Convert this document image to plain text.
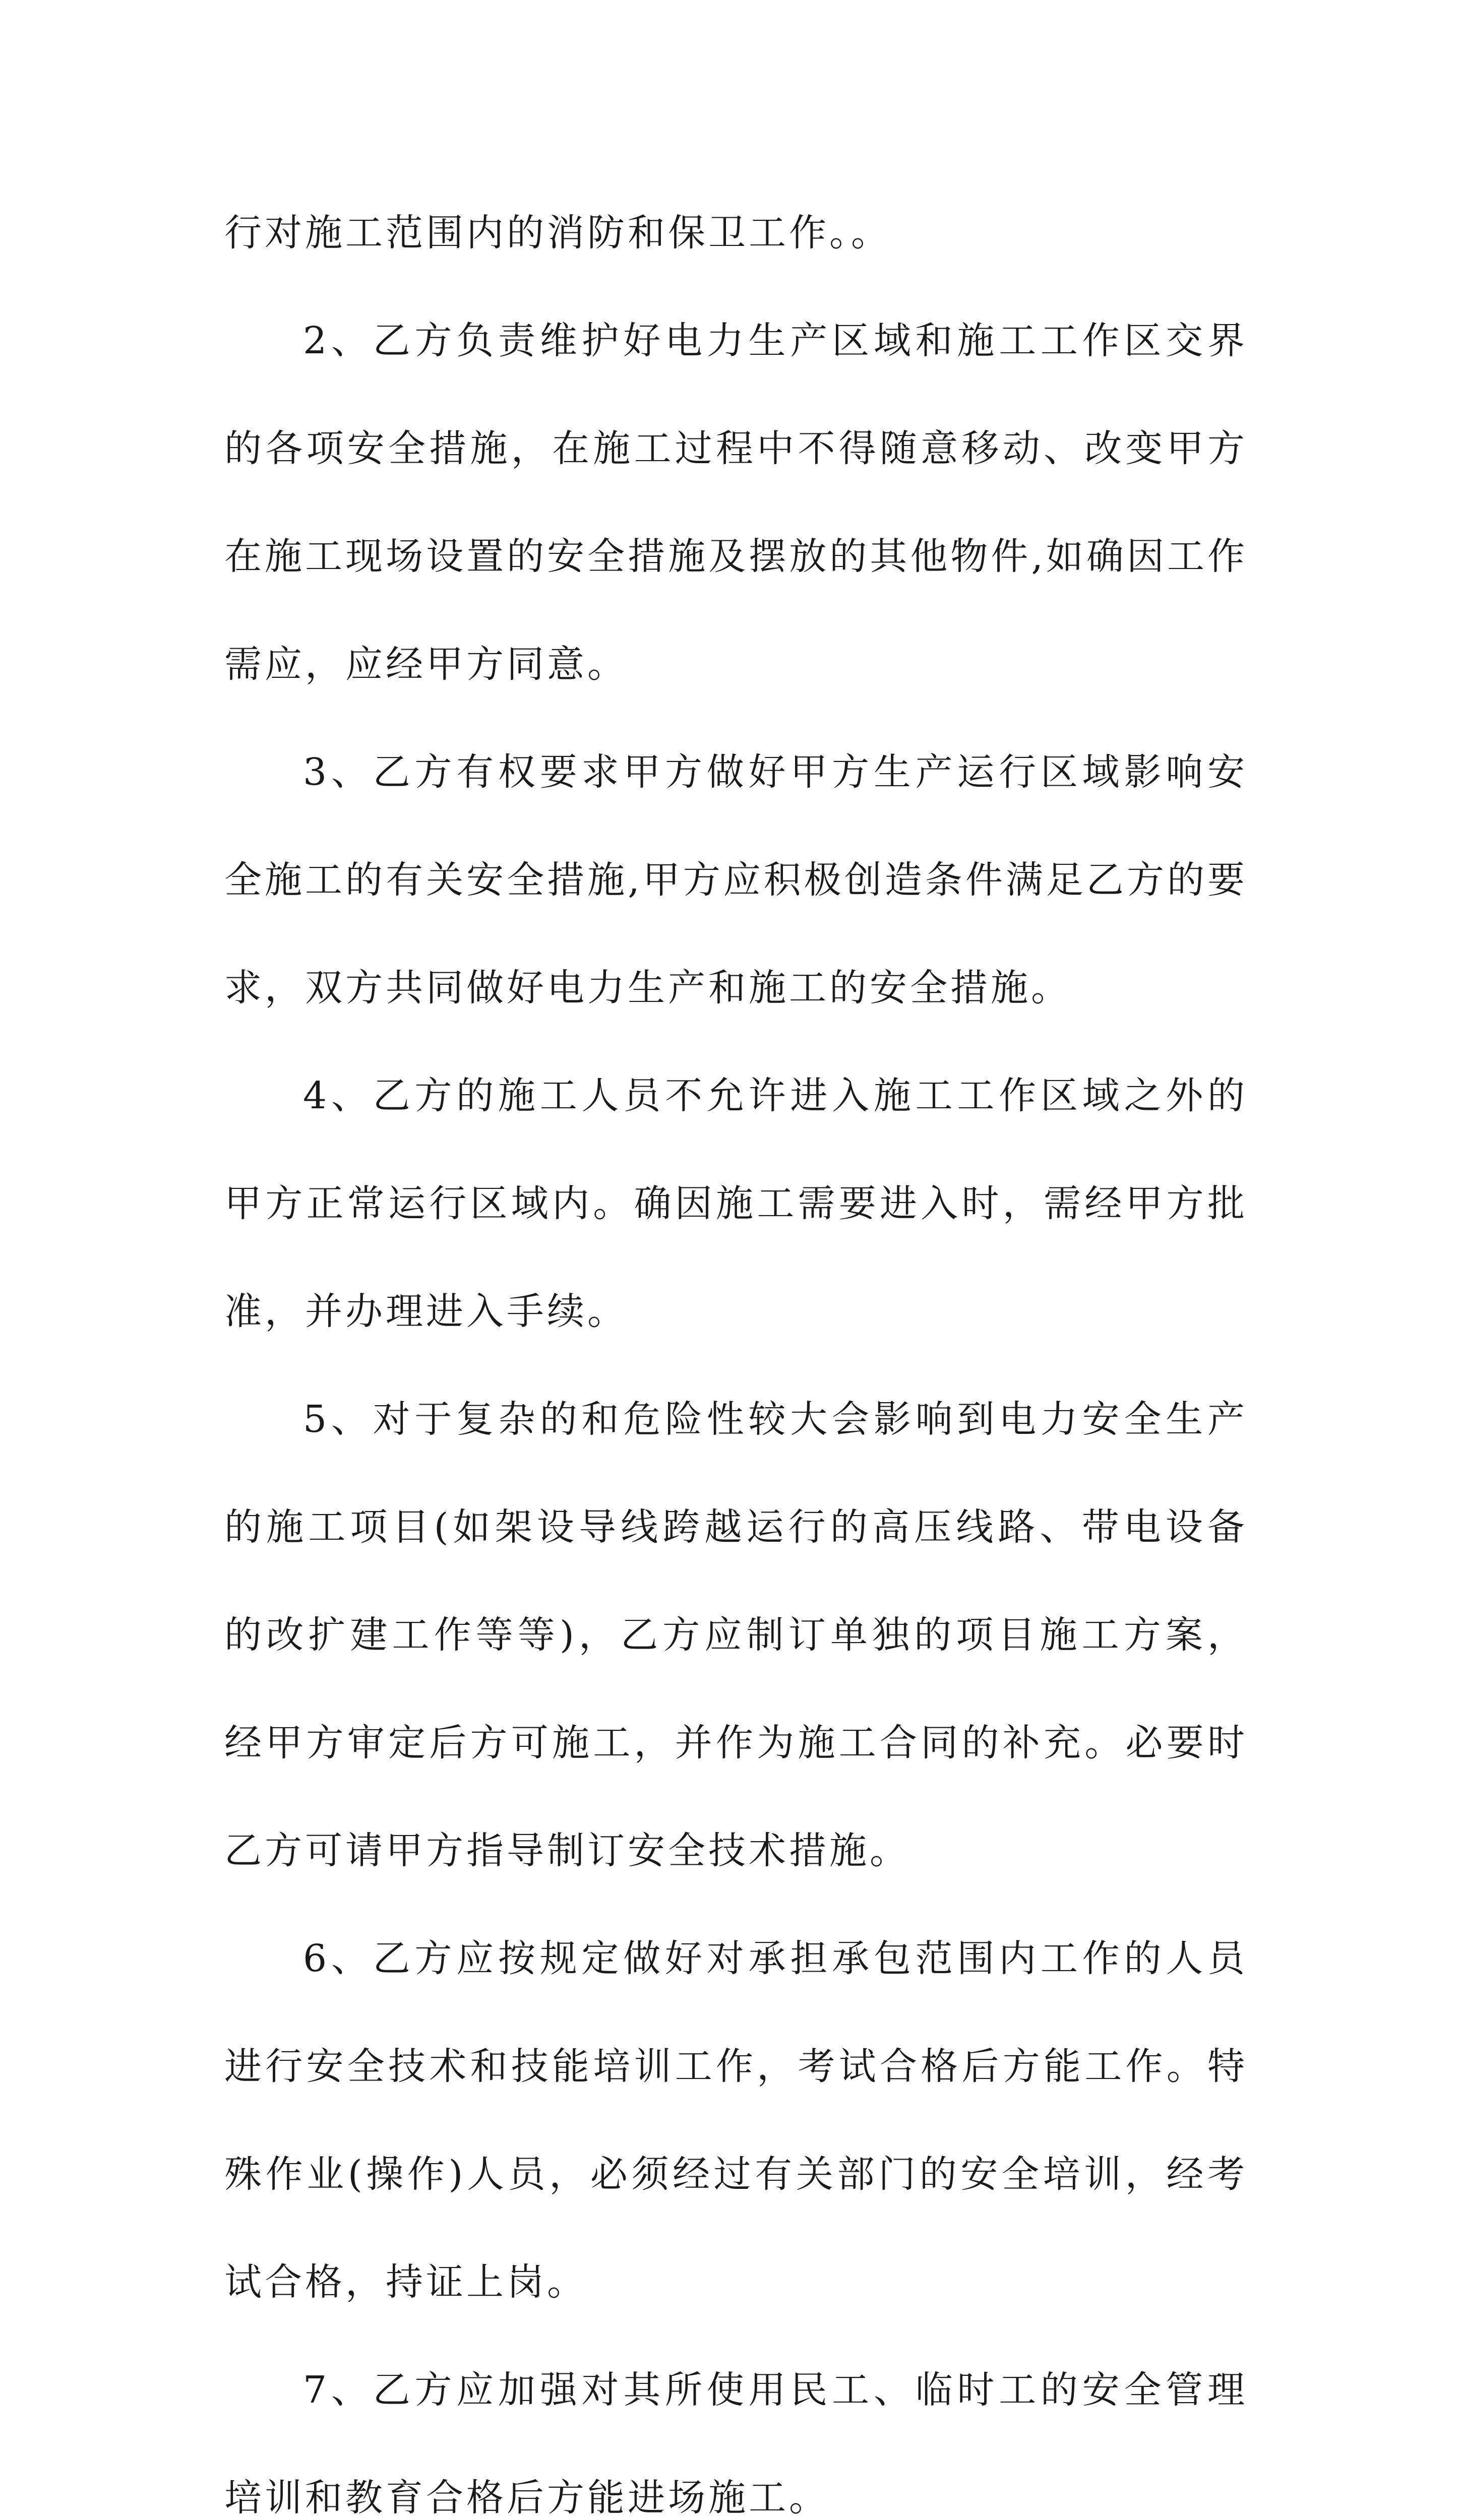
行对施工范围内的消防和保卫工作。。

2、乙方负责维护好电力生产区域和施工工作区交界的各项安全措施，在施工过程中不得随意移动、改变甲方在施工现场设置的安全措施及摆放的其他物件,如确因工作需应，应经甲方同意。

3、乙方有权要求甲方做好甲方生产运行区域影响安全施工的有关安全措施,甲方应积极创造条件满足乙方的要求，双方共同做好电力生产和施工的安全措施。

4、乙方的施工人员不允许进入施工工作区域之外的甲方正常运行区域内。确因施工需要进入时，需经甲方批准，并办理进入手续。

5、对于复杂的和危险性较大会影响到电力安全生产的施工项目(如架设导线跨越运行的高压线路、带电设备的改扩建工作等等)，乙方应制订单独的项目施工方案，经甲方审定后方可施工，并作为施工合同的补充。必要时乙方可请甲方指导制订安全技术措施。

6、乙方应按规定做好对承担承包范围内工作的人员进行安全技术和技能培训工作，考试合格后方能工作。特殊作业(操作)人员，必须经过有关部门的安全培训，经考试合格，持证上岗。

7、乙方应加强对其所使用民工、临时工的安全管理培训和教育合格后方能进场施工。
